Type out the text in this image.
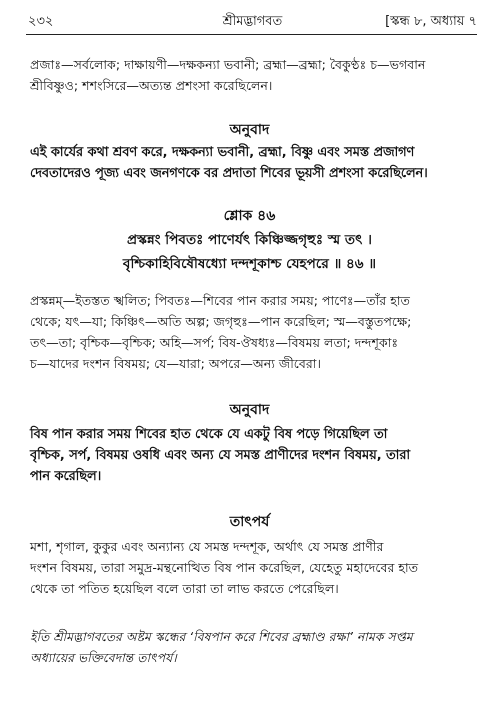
২৩২	শ্রীমদ্ভাগবত	[স্কন্ধ ৮, অধ্যায় ৭

প্রজাঃ—সর্বলোক; দাক্ষায়ণী—দক্ষকন্যা ভবানী; ব্রহ্মা—ব্রহ্মা; বৈকুণ্ঠঃ চ—ভগবান
শ্রীবিষ্ণুও; শশংসিরে—অত্যন্ত প্রশংসা করেছিলেন।

অনুবাদ

এই কার্যের কথা শ্রবণ করে, দক্ষকন্যা ভবানী, ব্রহ্মা, বিষ্ণু এবং সমস্ত প্রজাগণ
দেবতাদেরও পূজ্য এবং জনগণকে বর প্রদাতা শিবের ভূয়সী প্রশংসা করেছিলেন।

শ্লোক ৪৬

প্রস্কন্নং পিবতঃ পাণের্যৎ কিঞ্চিজ্জগৃহুঃ স্ম তৎ ।
বৃশ্চিকাহিবিষৌষধ্যো দন্দশূকাশ্চ যেহপরে ॥ ৪৬ ॥

প্রস্কন্নম্—ইতস্তত স্খলিত; পিবতঃ—শিবের পান করার সময়; পাণেঃ—তাঁর হাত
থেকে; যৎ—যা; কিঞ্চিৎ—অতি অল্প; জগৃহুঃ—পান করেছিল; স্ম—বস্তুতপক্ষে;
তৎ—তা; বৃশ্চিক—বৃশ্চিক; অহি—সর্প; বিষ-ঔষধ্যঃ—বিষময় লতা; দন্দশূকাঃ
চ—যাদের দংশন বিষময়; যে—যারা; অপরে—অন্য জীবেরা।

অনুবাদ

বিষ পান করার সময় শিবের হাত থেকে যে একটু বিষ পড়ে গিয়েছিল তা
বৃশ্চিক, সর্প, বিষময় ওষধি এবং অন্য যে সমস্ত প্রাণীদের দংশন বিষময়, তারা
পান করেছিল।

তাৎপর্য

মশা, শৃগাল, কুকুর এবং অন্যান্য যে সমস্ত দন্দশূক, অর্থাৎ যে সমস্ত প্রাণীর
দংশন বিষময়, তারা সমুদ্র-মন্থনোত্থিত বিষ পান করেছিল, যেহেতু মহাদেবের হাত
থেকে তা পতিত হয়েছিল বলে তারা তা লাভ করতে পেরেছিল।

ইতি শ্রীমদ্ভাগবতের অষ্টম স্কন্ধের ‘বিষপান করে শিবের ব্রহ্মাণ্ড রক্ষা’ নামক সপ্তম
অধ্যায়ের ভক্তিবেদান্ত তাৎপর্য।
